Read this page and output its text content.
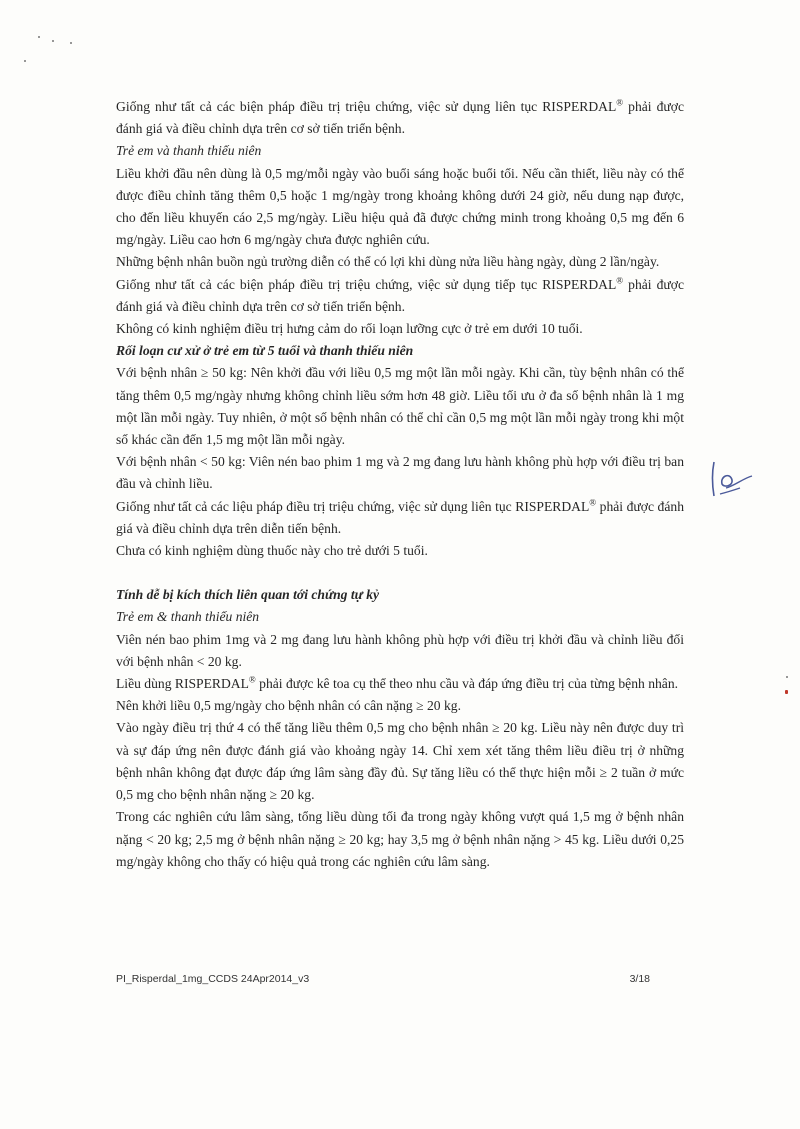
Giống như tất cả các biện pháp điều trị triệu chứng, việc sử dụng liên tục RISPERDAL® phải được đánh giá và điều chỉnh dựa trên cơ sở tiến triển bệnh.

Trẻ em và thanh thiếu niên

Liều khởi đầu nên dùng là 0,5 mg/mỗi ngày vào buổi sáng hoặc buổi tối. Nếu cần thiết, liều này có thể được điều chỉnh tăng thêm 0,5 hoặc 1 mg/ngày trong khoảng không dưới 24 giờ, nếu dung nạp được, cho đến liều khuyến cáo 2,5 mg/ngày. Liều hiệu quả đã được chứng minh trong khoảng 0,5 mg đến 6 mg/ngày. Liều cao hơn 6 mg/ngày chưa được nghiên cứu.

Những bệnh nhân buồn ngủ trường diễn có thể có lợi khi dùng nửa liều hàng ngày, dùng 2 lần/ngày.

Giống như tất cả các biện pháp điều trị triệu chứng, việc sử dụng tiếp tục RISPERDAL® phải được đánh giá và điều chỉnh dựa trên cơ sở tiến triển bệnh.

Không có kinh nghiệm điều trị hưng cảm do rối loạn lưỡng cực ở trẻ em dưới 10 tuổi.

Rối loạn cư xử ở trẻ em từ 5 tuổi và thanh thiếu niên

Với bệnh nhân ≥ 50 kg: Nên khởi đầu với liều 0,5 mg một lần mỗi ngày. Khi cần, tùy bệnh nhân có thể tăng thêm 0,5 mg/ngày nhưng không chỉnh liều sớm hơn 48 giờ. Liều tối ưu ở đa số bệnh nhân là 1 mg một lần mỗi ngày. Tuy nhiên, ở một số bệnh nhân có thể chỉ cần 0,5 mg một lần mỗi ngày trong khi một số khác cần đến 1,5 mg một lần mỗi ngày.

Với bệnh nhân < 50 kg: Viên nén bao phim 1 mg và 2 mg đang lưu hành không phù hợp với điều trị ban đầu và chỉnh liều.

Giống như tất cả các liệu pháp điều trị triệu chứng, việc sử dụng liên tục RISPERDAL® phải được đánh giá và điều chỉnh dựa trên diễn tiến bệnh.

Chưa có kinh nghiệm dùng thuốc này cho trẻ dưới 5 tuổi.

Tính dễ bị kích thích liên quan tới chứng tự kỷ

Trẻ em & thanh thiếu niên

Viên nén bao phim 1mg và 2 mg đang lưu hành không phù hợp với điều trị khởi đầu và chỉnh liều đối với bệnh nhân < 20 kg.

Liều dùng RISPERDAL® phải được kê toa cụ thể theo nhu cầu và đáp ứng điều trị của từng bệnh nhân.

Nên khởi liều 0,5 mg/ngày cho bệnh nhân có cân nặng ≥ 20 kg.

Vào ngày điều trị thứ 4 có thể tăng liều thêm 0,5 mg cho bệnh nhân ≥ 20 kg. Liều này nên được duy trì và sự đáp ứng nên được đánh giá vào khoảng ngày 14. Chỉ xem xét tăng thêm liều điều trị ở những bệnh nhân không đạt được đáp ứng lâm sàng đầy đủ. Sự tăng liều có thể thực hiện mỗi ≥ 2 tuần ở mức 0,5 mg cho bệnh nhân nặng ≥ 20 kg.

Trong các nghiên cứu lâm sàng, tổng liều dùng tối đa trong ngày không vượt quá 1,5 mg ở bệnh nhân nặng < 20 kg; 2,5 mg ở bệnh nhân nặng ≥ 20 kg; hay 3,5 mg ở bệnh nhân nặng > 45 kg. Liều dưới 0,25 mg/ngày không cho thấy có hiệu quả trong các nghiên cứu lâm sàng.

PI_Risperdal_1mg_CCDS 24Apr2014_v3	3/18
